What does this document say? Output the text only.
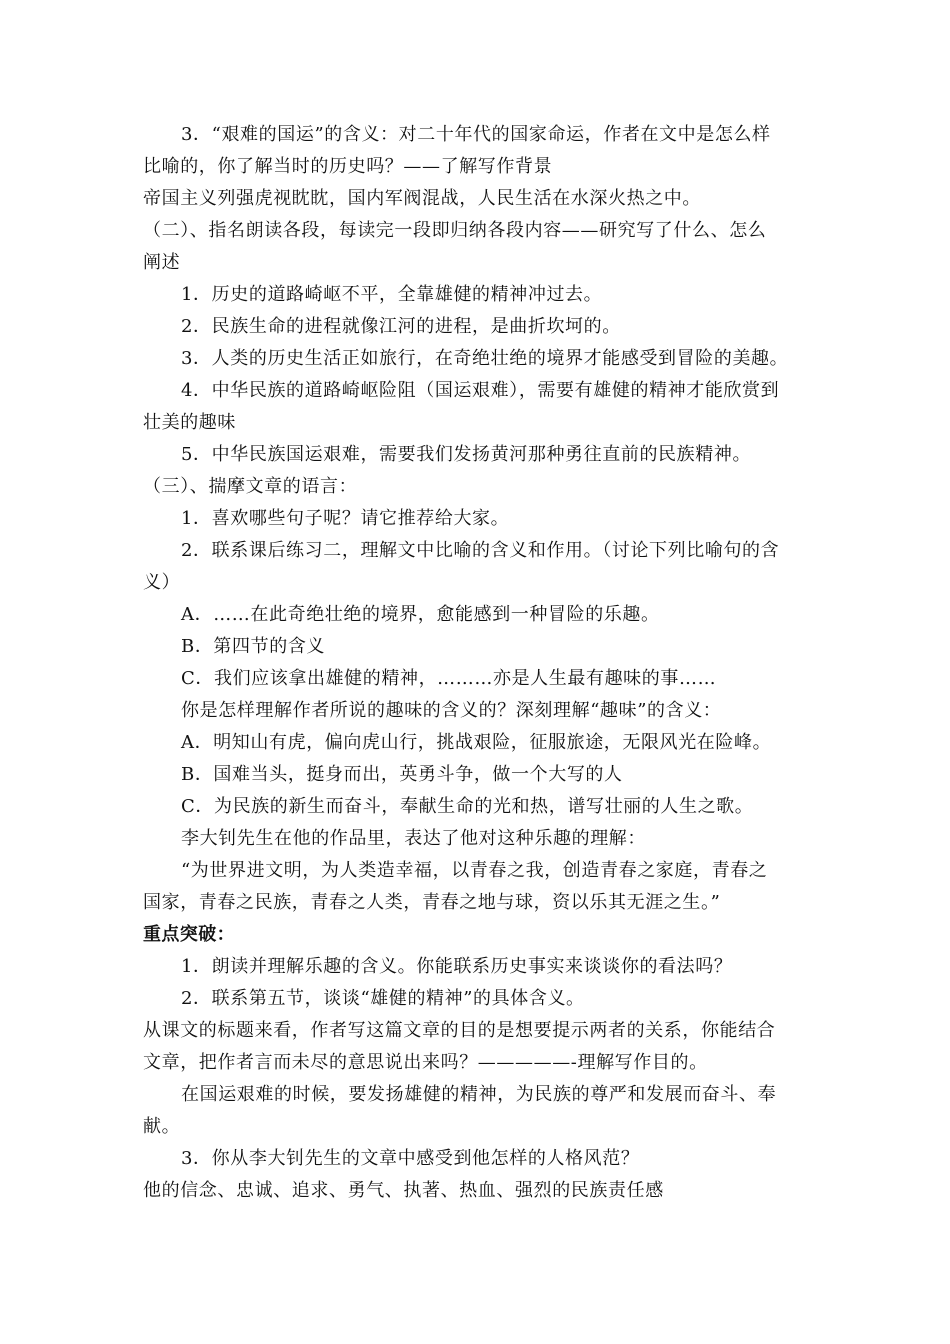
3．“艰难的国运”的含义：对二十年代的国家命运，作者在文中是怎么样
比喻的，你了解当时的历史吗？——了解写作背景
帝国主义列强虎视眈眈，国内军阀混战，人民生活在水深火热之中。
（二）、指名朗读各段，每读完一段即归纳各段内容——研究写了什么、怎么
阐述
1．历史的道路崎岖不平，全靠雄健的精神冲过去。
2．民族生命的进程就像江河的进程，是曲折坎坷的。
3．人类的历史生活正如旅行，在奇绝壮绝的境界才能感受到冒险的美趣。
4．中华民族的道路崎岖险阻（国运艰难），需要有雄健的精神才能欣赏到
壮美的趣味
5．中华民族国运艰难，需要我们发扬黄河那种勇往直前的民族精神。
（三）、揣摩文章的语言：
1．喜欢哪些句子呢？请它推荐给大家。
2．联系课后练习二，理解文中比喻的含义和作用。（讨论下列比喻句的含
义）
A．……在此奇绝壮绝的境界，愈能感到一种冒险的乐趣。
B．第四节的含义
C．我们应该拿出雄健的精神，………亦是人生最有趣味的事……
你是怎样理解作者所说的趣味的含义的？深刻理解“趣味”的含义：
A．明知山有虎，偏向虎山行，挑战艰险，征服旅途，无限风光在险峰。
B．国难当头，挺身而出，英勇斗争，做一个大写的人
C．为民族的新生而奋斗，奉献生命的光和热，谱写壮丽的人生之歌。
李大钊先生在他的作品里，表达了他对这种乐趣的理解：
“为世界进文明，为人类造幸福，以青春之我，创造青春之家庭，青春之
国家，青春之民族，青春之人类，青春之地与球，资以乐其无涯之生。”
重点突破：
1．朗读并理解乐趣的含义。你能联系历史事实来谈谈你的看法吗？
2．联系第五节，谈谈“雄健的精神”的具体含义。
从课文的标题来看，作者写这篇文章的目的是想要提示两者的关系，你能结合
文章，把作者言而未尽的意思说出来吗？—————-理解写作目的。
在国运艰难的时候，要发扬雄健的精神，为民族的尊严和发展而奋斗、奉
献。
3．你从李大钊先生的文章中感受到他怎样的人格风范？
他的信念、忠诚、追求、勇气、执著、热血、强烈的民族责任感
